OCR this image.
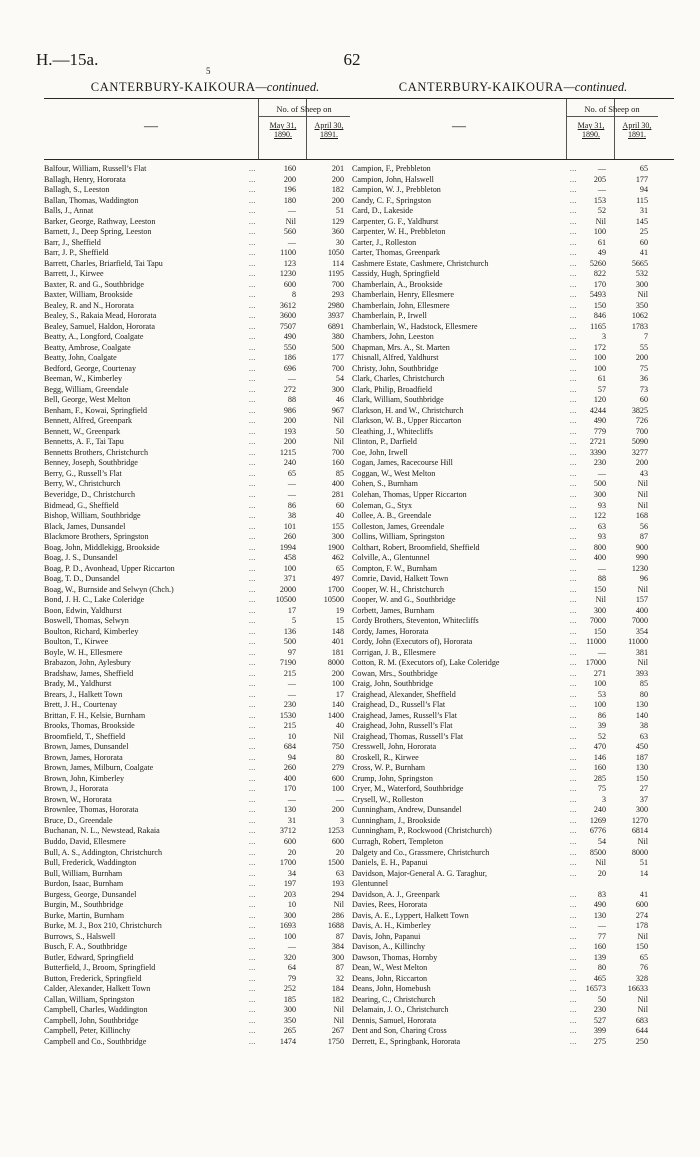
H.—15a.	62
5
CANTERBURY-KAIKOURA—continued.
—
No. of Sheep on
May 31,
1890.
April 30,
1891.
Balfour, William, Russell’s Flat	...	160	201
Ballagh, Henry, Hororata	...	200	200
Ballagh, S., Leeston	...	196	182
Ballan, Thomas, Waddington	...	180	200
Balls, J., Annat	...	—	51
Barker, George, Rathway, Leeston	...	Nil	129
Barnett, J., Deep Spring, Leeston	...	560	360
Barr, J., Sheffield	...	—	30
Barr, J. P., Sheffield	...	1100	1050
Barrett, Charles, Briarfield, Tai Tapu	...	123	114
Barrett, J., Kirwee	...	1230	1195
Baxter, R. and G., Southbridge	...	600	700
Baxter, William, Brookside	...	8	293
Bealey, R. and N., Hororata	...	3612	2980
Bealey, S., Rakaia Mead, Hororata	...	3600	3937
Bealey, Samuel, Haldon, Hororata	...	7507	6891
Beatty, A., Longford, Coalgate	...	490	380
Beatty, Ambrose, Coalgate	...	550	500
Beatty, John, Coalgate	...	186	177
Bedford, George, Courtenay	...	696	700
Beeman, W., Kimberley	...	—	54
Begg, William, Greendale	...	272	300
Bell, George, West Melton	...	88	46
Benham, F., Kowai, Springfield	...	986	967
Bennett, Alfred, Greenpark	...	200	Nil
Bennett, W., Greenpark	...	193	50
Bennetts, A. F., Tai Tapu	...	200	Nil
Bennetts Brothers, Christchurch	...	1215	700
Benney, Joseph, Southbridge	...	240	160
Berry, G., Russell’s Flat	...	65	85
Berry, W., Christchurch	...	—	400
Beveridge, D., Christchurch	...	—	281
Bidmead, G., Sheffield	...	86	60
Bishop, William, Southbridge	...	38	40
Black, James, Dunsandel	...	101	155
Blackmore Brothers, Springston	...	260	300
Boag, John, Middlekigg, Brookside	...	1994	1900
Boag, J. S., Dunsandel	...	458	462
Boag, P. D., Avonhead, Upper Riccarton	...	100	65
Boag, T. D., Dunsandel	...	371	497
Boag, W., Burnside and Selwyn (Chch.)	...	2000	1700
Bond, J. H. C., Lake Coleridge	...	10500	10500
Boon, Edwin, Yaldhurst	...	17	19
Boswell, Thomas, Selwyn	...	5	15
Boulton, Richard, Kimberley	...	136	148
Boulton, T., Kirwee	...	500	401
Boyle, W. H., Ellesmere	...	97	181
Brabazon, John, Aylesbury	...	7190	8000
Bradshaw, James, Sheffield	...	215	200
Brady, M., Yaldhurst	...	—	100
Brears, J., Halkett Town	...	—	17
Brett, J. H., Courtenay	...	230	140
Brittan, F. H., Kelsie, Burnham	...	1530	1400
Brooks, Thomas, Brookside	...	215	40
Broomfield, T., Sheffield	...	10	Nil
Brown, James, Dunsandel	...	684	750
Brown, James, Hororata	...	94	80
Brown, James, Milburn, Coalgate	...	260	279
Brown, John, Kimberley	...	400	600
Brown, J., Hororata	...	170	100
Brown, W., Hororata	...	—	—
Brownlee, Thomas, Hororata	...	130	200
Bruce, D., Greendale	...	31	3
Buchanan, N. L., Newstead, Rakaia	...	3712	1253
Buddo, David, Ellesmere	...	600	600
Bull, A. S., Addington, Christchurch	...	20	20
Bull, Frederick, Waddington	...	1700	1500
Bull, William, Burnham	...	34	63
Burdon, Isaac, Burnham	...	197	193
Burgess, George, Dunsandel	...	203	294
Burgin, M., Southbridge	...	10	Nil
Burke, Martin, Burnham	...	300	286
Burke, M. J., Box 210, Christchurch	...	1693	1688
Burrows, S., Halswell	...	100	87
Busch, F. A., Southbridge	...	—	384
Butler, Edward, Springfield	...	320	300
Butterfield, J., Broom, Springfield	...	64	87
Button, Frederick, Springfield	...	79	32
Calder, Alexander, Halkett Town	...	252	184
Callan, William, Springston	...	185	182
Campbell, Charles, Waddington	...	300	Nil
Campbell, John, Southbridge	...	350	Nil
Campbell, Peter, Killinchy	...	265	267
Campbell and Co., Southbridge	...	1474	1750
CANTERBURY-KAIKOURA—continued.
—
No. of Sheep on
May 31,
1890.
April 30,
1891.
Campion, F., Prebbleton	...	—	65
Campion, John, Halswell	...	205	177
Campion, W. J., Prebbleton	...	—	94
Candy, C. F., Springston	...	153	115
Card, D., Lakeside	...	52	31
Carpenter, G. F., Yaldhurst	...	Nil	145
Carpenter, W. H., Prebbleton	...	100	25
Carter, J., Rolleston	...	61	60
Carter, Thomas, Greenpark	...	49	41
Cashmere Estate, Cashmere, Christchurch	...	5260	5665
Cassidy, Hugh, Springfield	...	822	532
Chamberlain, A., Brookside	...	170	300
Chamberlain, Henry, Ellesmere	...	5493	Nil
Chamberlain, John, Ellesmere	...	150	350
Chamberlain, P., Irwell	...	846	1062
Chamberlain, W., Hadstock, Ellesmere	...	1165	1783
Chambers, John, Leeston	...	3	7
Chapman, Mrs. A., St. Marten	...	172	55
Chisnall, Alfred, Yaldhurst	...	100	200
Christy, John, Southbridge	...	100	75
Clark, Charles, Christchurch	...	61	36
Clark, Philip, Broadfield	...	57	73
Clark, William, Southbridge	...	120	60
Clarkson, H. and W., Christchurch	...	4244	3825
Clarkson, W. B., Upper Riccarton	...	490	726
Cleathing, J., Whitecliffs	...	779	700
Clinton, P., Darfield	...	2721	5090
Coe, John, Irwell	...	3390	3277
Cogan, James, Racecourse Hill	...	230	200
Coggan, W., West Melton	...	—	43
Cohen, S., Burnham	...	500	Nil
Colehan, Thomas, Upper Riccarton	...	300	Nil
Coleman, G., Styx	...	93	Nil
Collee, A. B., Greendale	...	122	168
Colleston, James, Greendale	...	63	56
Collins, William, Springston	...	93	87
Colthart, Robert, Broomfield, Sheffield	...	800	900
Colville, A., Glentunnel	...	400	990
Compton, F. W., Burnham	...	—	1230
Comrie, David, Halkett Town	...	88	96
Cooper, W. H., Christchurch	...	150	Nil
Cooper, W. and G., Southbridge	...	Nil	157
Corbett, James, Burnham	...	300	400
Cordy Brothers, Steventon, Whitecliffs	...	7000	7000
Cordy, James, Hororata	...	150	354
Cordy, John (Executors of), Hororata	...	11000	11000
Corrigan, J. B., Ellesmere	...	—	381
Cotton, R. M. (Executors of), Lake Coleridge	...	17000	Nil
Cowan, Mrs., Southbridge	...	271	393
Craig, John, Southbridge	...	100	85
Craighead, Alexander, Sheffield	...	53	80
Craighead, D., Russell’s Flat	...	100	130
Craighead, James, Russell’s Flat	...	86	140
Craighead, John, Russell’s Flat	...	39	38
Craighead, Thomas, Russell’s Flat	...	52	63
Cresswell, John, Hororata	...	470	450
Croskell, R., Kirwee	...	146	187
Cross, W. P., Burnham	...	160	130
Crump, John, Springston	...	285	150
Cryer, M., Waterford, Southbridge	...	75	27
Crysell, W., Rolleston	...	3	37
Cunningham, Andrew, Dunsandel	...	240	300
Cunningham, J., Brookside	...	1269	1270
Cunningham, P., Rockwood (Christchurch)	...	6776	6814
Curragh, Robert, Templeton	...	54	Nil
Dalgety and Co., Grassmere, Christchurch	...	8500	8000
Daniels, E. H., Papanui	...	Nil	51
Davidson, Major-General A. G. Taraghur,	...	20	14
Glentunnel
Davidson, A. J., Greenpark	...	83	41
Davies, Rees, Hororata	...	490	600
Davis, A. E., Lyppert, Halkett Town	...	130	274
Davis, A. H., Kimberley	...	—	178
Davis, John, Papanui	...	77	Nil
Davison, A., Killinchy	...	160	150
Dawson, Thomas, Hornby	...	139	65
Dean, W., West Melton	...	80	76
Deans, John, Riccarton	...	465	328
Deans, John, Homebush	...	16573	16633
Dearing, C., Christchurch	...	50	Nil
Delamain, J. O., Christchurch	...	230	Nil
Dennis, Samuel, Hororata	...	527	683
Dent and Son, Charing Cross	...	399	644
Derrett, E., Springbank, Hororata	...	275	250
